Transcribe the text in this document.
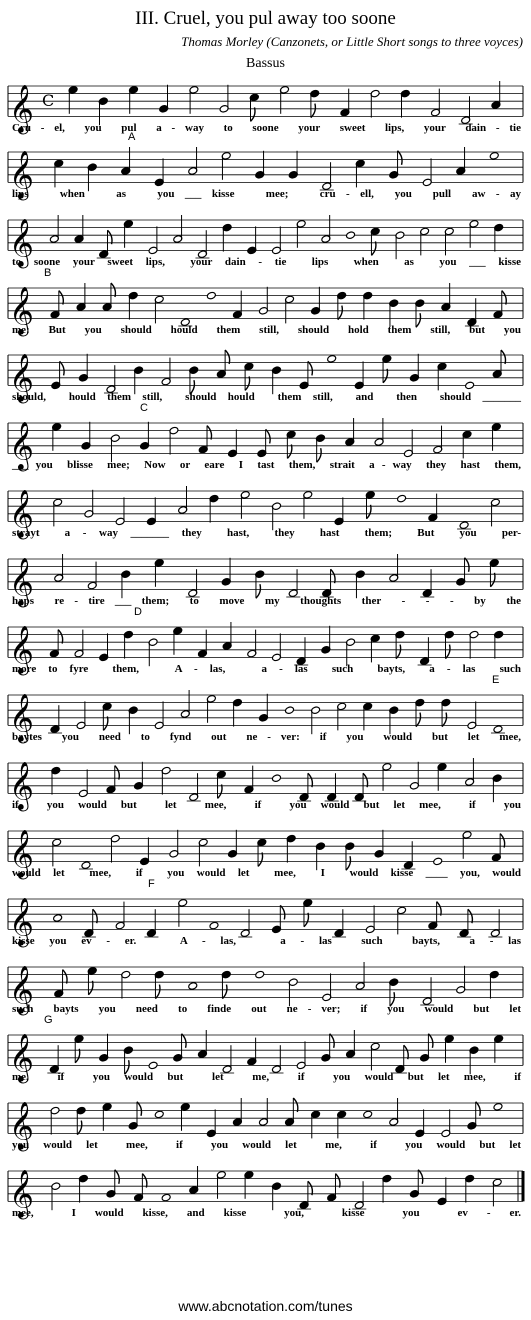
III. Cruel, you pul away too soone
Thomas Morley (Canzonets, or Little Short songs to three voyces)
Bassus
𝄞 C
Cru - el,  you  pul  a - way  to  soone  your  sweet  lips,  your  dain - tie
𝄞
A
lips   when   as   you ___ kisse   mee;   cru - ell,  you  pull  aw - ay
𝄞
to soone your sweet lips,  your dain - tie  lips  when  as  you ___ kisse
𝄞
B
me:  But  you  should  hould  them  still,  should  hold  them  still,  but  you
𝄞
should,  hould them still,  should hould  them still,  and  then  should _______
𝄞
C
___ you  blisse  mee;  Now  or  eare  I  tast  them,  strait  a - way  they  hast  them,
𝄞
strayt  a - way _______ they  hast,  they  hast  them;  But  you  per-
𝄞
haps  re - tire ___ them;  to  move  my  thoughts  ther  -  -  -  by  the
𝄞
D
more to fyre  them,   A - las,   a - las  such  bayts,  a - las  such
𝄞
E
baytes  you  need  to  fynd  out  ne - ver:  if  you  would  but  let  mee,
𝄞
if  you would but  let  mee,  if  you would but let mee,  if  you
𝄞
would let  mee,  if  you would let  mee,  I  would kisse ____ you, would
𝄞
F
kisse you ev - er.   A - las,   a - las  such  bayts,  a - las
𝄞
such  bayts  you  need  to  finde  out  ne - ver;  if  you  would  but  let
𝄞
G
me,  if  you would but  let  me,  if  you would but let mee,  if
𝄞
you would let  mee,  if  you would let  me,  if  you would but let
𝄞
mee,  I would kisse, and kisse  you,  kisse  you  ev - er.
www.abcnotation.com/tunes
